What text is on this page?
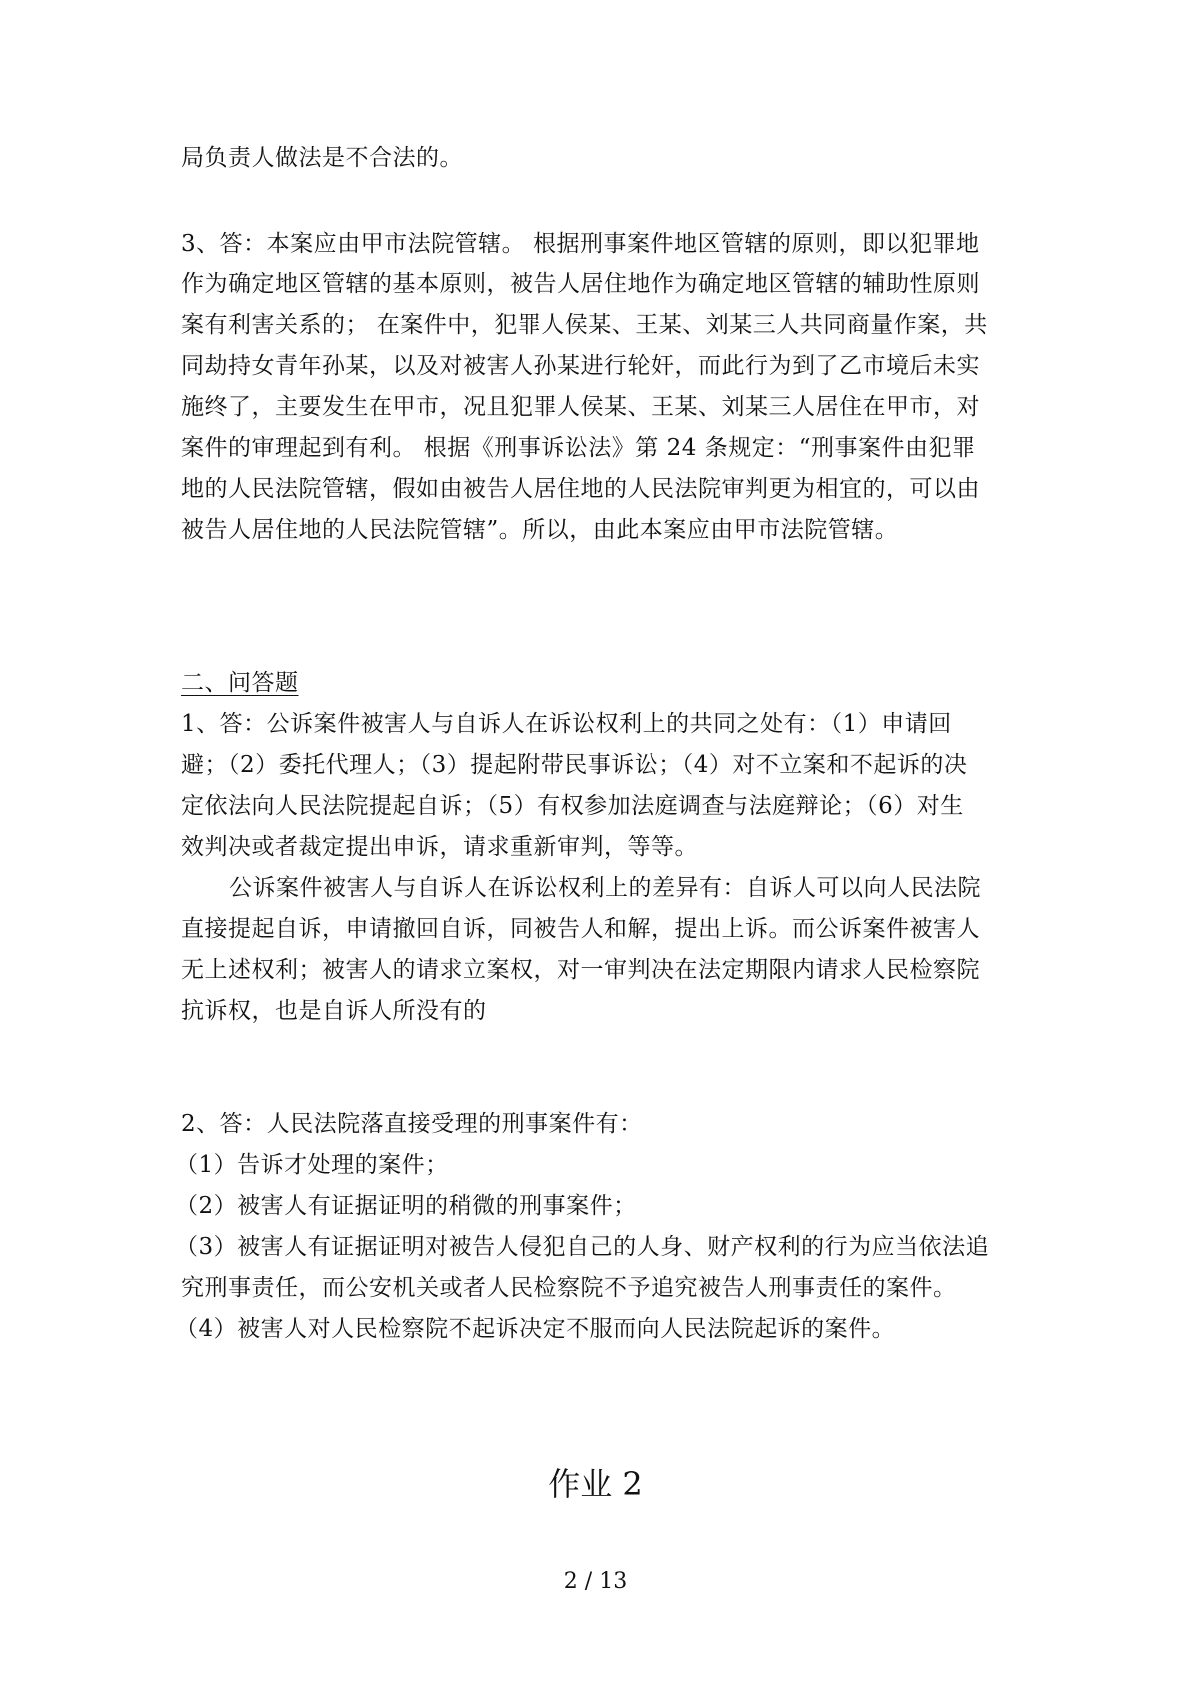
局负责人做法是不合法的。
3、答：本案应由甲市法院管辖。 根据刑事案件地区管辖的原则，即以犯罪地
作为确定地区管辖的基本原则，被告人居住地作为确定地区管辖的辅助性原则
案有利害关系的； 在案件中，犯罪人侯某、王某、刘某三人共同商量作案，共
同劫持女青年孙某，以及对被害人孙某进行轮奸，而此行为到了乙市境后未实
施终了，主要发生在甲市，况且犯罪人侯某、王某、刘某三人居住在甲市，对
案件的审理起到有利。 根据《刑事诉讼法》第 24 条规定：“刑事案件由犯罪
地的人民法院管辖，假如由被告人居住地的人民法院审判更为相宜的，可以由
被告人居住地的人民法院管辖”。所以，由此本案应由甲市法院管辖。
二、问答题
1、答：公诉案件被害人与自诉人在诉讼权利上的共同之处有：（1）申请回
避；（2）委托代理人；（3）提起附带民事诉讼；（4）对不立案和不起诉的决
定依法向人民法院提起自诉；（5）有权参加法庭调查与法庭辩论；（6）对生
效判决或者裁定提出申诉，请求重新审判，等等。
公诉案件被害人与自诉人在诉讼权利上的差异有：自诉人可以向人民法院
直接提起自诉，申请撤回自诉，同被告人和解，提出上诉。而公诉案件被害人
无上述权利；被害人的请求立案权，对一审判决在法定期限内请求人民检察院
抗诉权，也是自诉人所没有的
2、答：人民法院落直接受理的刑事案件有：
（1）告诉才处理的案件；
（2）被害人有证据证明的稍微的刑事案件；
（3）被害人有证据证明对被告人侵犯自己的人身、财产权利的行为应当依法追
究刑事责任，而公安机关或者人民检察院不予追究被告人刑事责任的案件。
（4）被害人对人民检察院不起诉决定不服而向人民法院起诉的案件。
作业 2
2 / 13
